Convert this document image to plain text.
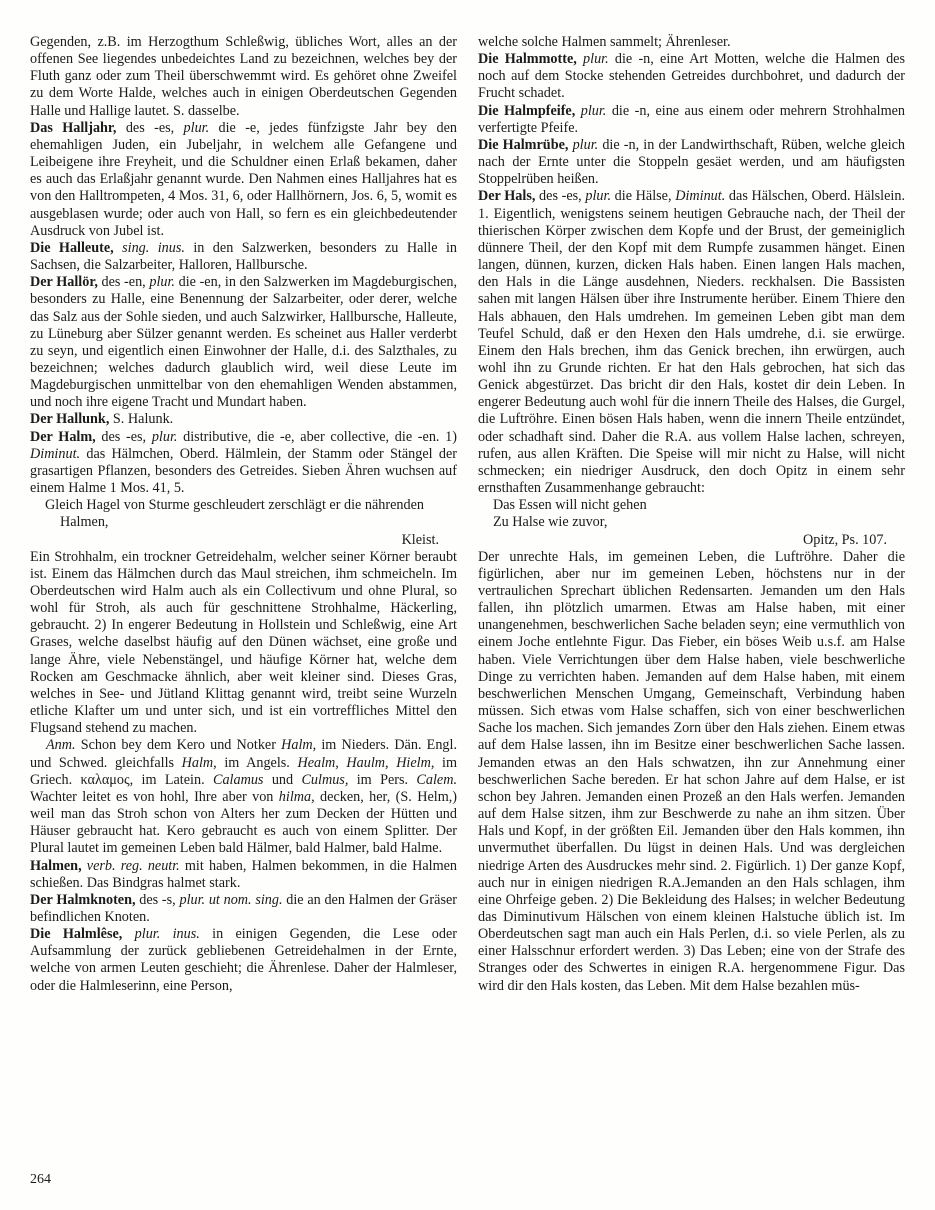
Gegenden, z.B. im Herzogthum Schleßwig, übliches Wort, alles an der offenen See liegendes unbedeichtes Land zu bezeichnen, welches bey der Fluth ganz oder zum Theil überschwemmt wird. Es gehöret ohne Zweifel zu dem Worte Halde, welches auch in einigen Oberdeutschen Gegenden Halle und Hallige lautet. S. dasselbe.

Das Halljahr, des -es, plur. die -e, jedes fünfzigste Jahr bey den ehemahligen Juden, ein Jubeljahr, in welchem alle Gefangene und Leibeigene ihre Freyheit, und die Schuldner einen Erlaß bekamen, daher es auch das Erlaßjahr genannt wurde. Den Nahmen eines Halljahres hat es von den Halltrompeten, 4 Mos. 31, 6, oder Hallhörnern, Jos. 6, 5, womit es ausgeblasen wurde; oder auch von Hall, so fern es ein gleichbedeutender Ausdruck von Jubel ist.

Die Halleute, sing. inus. in den Salzwerken, besonders zu Halle in Sachsen, die Salzarbeiter, Halloren, Hallbursche.

Der Hallör, des -en, plur. die -en, in den Salzwerken im Magdeburgischen, besonders zu Halle, eine Benennung der Salzarbeiter, oder derer, welche das Salz aus der Sohle sieden, und auch Salzwirker, Hallbursche, Halleute, zu Lüneburg aber Sülzer genannt werden. Es scheinet aus Haller verderbt zu seyn, und eigentlich einen Einwohner der Halle, d.i. des Salzthales, zu bezeichnen; welches dadurch glaublich wird, weil diese Leute im Magdeburgischen unmittelbar von den ehemahligen Wenden abstammen, und noch ihre eigene Tracht und Mundart haben.

Der Hallunk, S. Halunk.

Der Halm, des -es, plur. distributive, die -e, aber collective, die -en. 1) Diminut. das Hälmchen, Oberd. Hälmlein, der Stamm oder Stängel der grasartigen Pflanzen, besonders des Getreides. Sieben Ähren wuchsen auf einem Halme 1 Mos. 41, 5.

Gleich Hagel von Sturme geschleudert zerschlägt er die nährenden Halmen,

Kleist.

Ein Strohhalm, ein trockner Getreidehalm, welcher seiner Körner beraubt ist. Einem das Hälmchen durch das Maul streichen, ihm schmeicheln. Im Oberdeutschen wird Halm auch als ein Collectivum und ohne Plural, so wohl für Stroh, als auch für geschnittene Strohhalme, Häckerling, gebraucht. 2) In engerer Bedeutung in Hollstein und Schleßwig, eine Art Grases, welche daselbst häufig auf den Dünen wächset, eine große und lange Ähre, viele Nebenstängel, und häufige Körner hat, welche dem Rocken am Geschmacke ähnlich, aber weit kleiner sind. Dieses Gras, welches in See- und Jütland Klittag genannt wird, treibt seine Wurzeln etliche Klafter um und unter sich, und ist ein vortreffliches Mittel den Flugsand stehend zu machen.

Anm. Schon bey dem Kero und Notker Halm, im Nieders. Dän. Engl. und Schwed. gleichfalls Halm, im Angels. Healm, Haulm, Hielm, im Griech. καλαμος, im Latein. Calamus und Culmus, im Pers. Calem. Wachter leitet es von hohl, Ihre aber von hilma, decken, her, (S. Helm,) weil man das Stroh schon von Alters her zum Decken der Hütten und Häuser gebraucht hat. Kero gebraucht es auch von einem Splitter. Der Plural lautet im gemeinen Leben bald Hälmer, bald Halmer, bald Halme.

Halmen, verb. reg. neutr. mit haben, Halmen bekommen, in die Halmen schießen. Das Bindgras halmet stark.

Der Halmknoten, des -s, plur. ut nom. sing. die an den Halmen der Gräser befindlichen Knoten.

Die Halmlêse, plur. inus. in einigen Gegenden, die Lese oder Aufsammlung der zurück gebliebenen Getreidehalmen in der Ernte, welche von armen Leuten geschieht; die Ährenlese. Daher der Halmleser, oder die Halmleserinn, eine Person,

welche solche Halmen sammelt; Ährenleser.

Die Halmmotte, plur. die -n, eine Art Motten, welche die Halmen des noch auf dem Stocke stehenden Getreides durchbohret, und dadurch der Frucht schadet.

Die Halmpfeife, plur. die -n, eine aus einem oder mehrern Strohhalmen verfertigte Pfeife.

Die Halmrübe, plur. die -n, in der Landwirthschaft, Rüben, welche gleich nach der Ernte unter die Stoppeln gesäet werden, und am häufigsten Stoppelrüben heißen.

Der Hals, des -es, plur. die Hälse, Diminut. das Hälschen, Oberd. Hälslein. 1. Eigentlich, wenigstens seinem heutigen Gebrauche nach, der Theil der thierischen Körper zwischen dem Kopfe und der Brust, der gemeiniglich dünnere Theil, der den Kopf mit dem Rumpfe zusammen hänget. Einen langen, dünnen, kurzen, dicken Hals haben. Einen langen Hals machen, den Hals in die Länge ausdehnen, Nieders. reckhalsen. Die Bassisten sahen mit langen Hälsen über ihre Instrumente herüber. Einem Thiere den Hals abhauen, den Hals umdrehen. Im gemeinen Leben gibt man dem Teufel Schuld, daß er den Hexen den Hals umdrehe, d.i. sie erwürge. Einem den Hals brechen, ihm das Genick brechen, ihn erwürgen, auch wohl ihn zu Grunde richten. Er hat den Hals gebrochen, hat sich das Genick abgestürzet. Das bricht dir den Hals, kostet dir dein Leben. In engerer Bedeutung auch wohl für die innern Theile des Halses, die Gurgel, die Luftröhre. Einen bösen Hals haben, wenn die innern Theile entzündet, oder schadhaft sind. Daher die R.A. aus vollem Halse lachen, schreyen, rufen, aus allen Kräften. Die Speise will mir nicht zu Halse, will nicht schmecken; ein niedriger Ausdruck, den doch Opitz in einem sehr ernsthaften Zusammenhange gebraucht:

Das Essen will nicht gehen

Zu Halse wie zuvor,

Opitz, Ps. 107.

Der unrechte Hals, im gemeinen Leben, die Luftröhre. Daher die figürlichen, aber nur im gemeinen Leben, höchstens nur in der vertraulichen Sprechart üblichen Redensarten. Jemanden um den Hals fallen, ihn plötzlich umarmen. Etwas am Halse haben, mit einer unangenehmen, beschwerlichen Sache beladen seyn; eine vermuthlich von einem Joche entlehnte Figur. Das Fieber, ein böses Weib u.s.f. am Halse haben. Viele Verrichtungen über dem Halse haben, viele beschwerliche Dinge zu verrichten haben. Jemanden auf dem Halse haben, mit einem beschwerlichen Menschen Umgang, Gemeinschaft, Verbindung haben müssen. Sich etwas vom Halse schaffen, sich von einer beschwerlichen Sache los machen. Sich jemandes Zorn über den Hals ziehen. Einem etwas auf dem Halse lassen, ihn im Besitze einer beschwerlichen Sache lassen. Jemanden etwas an den Hals schwatzen, ihn zur Annehmung einer beschwerlichen Sache bereden. Er hat schon Jahre auf dem Halse, er ist schon bey Jahren. Jemanden einen Prozeß an den Hals werfen. Jemanden auf dem Halse sitzen, ihm zur Beschwerde zu nahe an ihm sitzen. Über Hals und Kopf, in der größten Eil. Jemanden über den Hals kommen, ihn unvermuthet überfallen. Du lügst in deinen Hals. Und was dergleichen niedrige Arten des Ausdruckes mehr sind. 2. Figürlich. 1) Der ganze Kopf, auch nur in einigen niedrigen R.A.Jemanden an den Hals schlagen, ihm eine Ohrfeige geben. 2) Die Bekleidung des Halses; in welcher Bedeutung das Diminutivum Hälschen von einem kleinen Halstuche üblich ist. Im Oberdeutschen sagt man auch ein Hals Perlen, d.i. so viele Perlen, als zu einer Halsschnur erfordert werden. 3) Das Leben; eine von der Strafe des Stranges oder des Schwertes in einigen R.A. hergenommene Figur. Das wird dir den Hals kosten, das Leben. Mit dem Halse bezahlen müs-

264
